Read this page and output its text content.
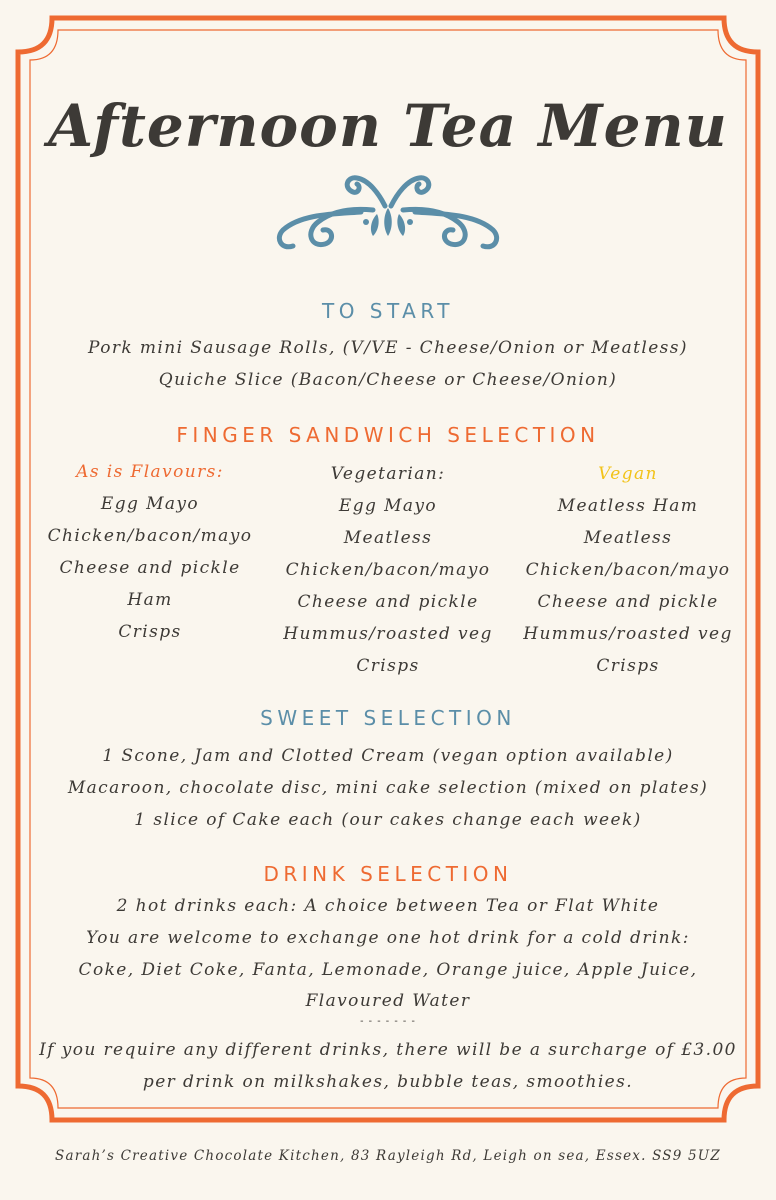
Afternoon Tea Menu
TO START
Pork mini Sausage Rolls, (V/VE - Cheese/Onion or Meatless)
Quiche Slice (Bacon/Cheese or Cheese/Onion)
FINGER SANDWICH SELECTION
As is Flavours:
Egg Mayo
Chicken/bacon/mayo
Cheese and pickle
Ham
Crisps
Vegetarian:
Egg Mayo
Meatless
Chicken/bacon/mayo
Cheese and pickle
Hummus/roasted veg
Crisps
Vegan
Meatless Ham
Meatless
Chicken/bacon/mayo
Cheese and pickle
Hummus/roasted veg
Crisps
SWEET SELECTION
1 Scone, Jam and Clotted Cream (vegan option available)
Macaroon, chocolate disc, mini cake selection (mixed on plates)
1 slice of Cake each (our cakes change each week)
DRINK SELECTION
2 hot drinks each: A choice between Tea or Flat White
You are welcome to exchange one hot drink for a cold drink:
Coke, Diet Coke, Fanta, Lemonade, Orange juice, Apple Juice,
Flavoured Water
- - - - - - -
If you require any different drinks, there will be a surcharge of £3.00
per drink on milkshakes, bubble teas, smoothies.
Sarah’s Creative Chocolate Kitchen, 83 Rayleigh Rd, Leigh on sea, Essex. SS9 5UZ
